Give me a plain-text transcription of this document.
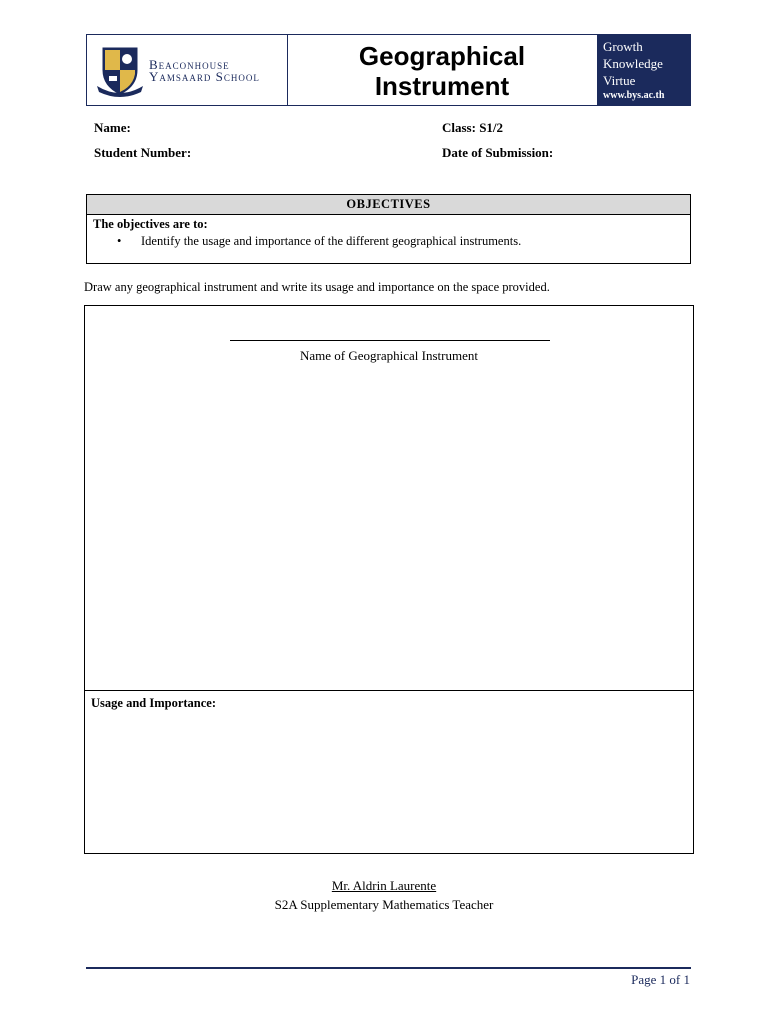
Beaconhouse
Yamsaard School
Geographical
Instrument
Growth
Knowledge
Virtue
www.bys.ac.th
Name:	Class: S1/2
Student Number:	Date of Submission:
OBJECTIVES
The objectives are to:
• Identify the usage and importance of the different geographical instruments.
Draw any geographical instrument and write its usage and importance on the space provided.
Name of Geographical Instrument
Usage and Importance:
Mr. Aldrin Laurente
S2A Supplementary Mathematics Teacher
Page 1 of 1
